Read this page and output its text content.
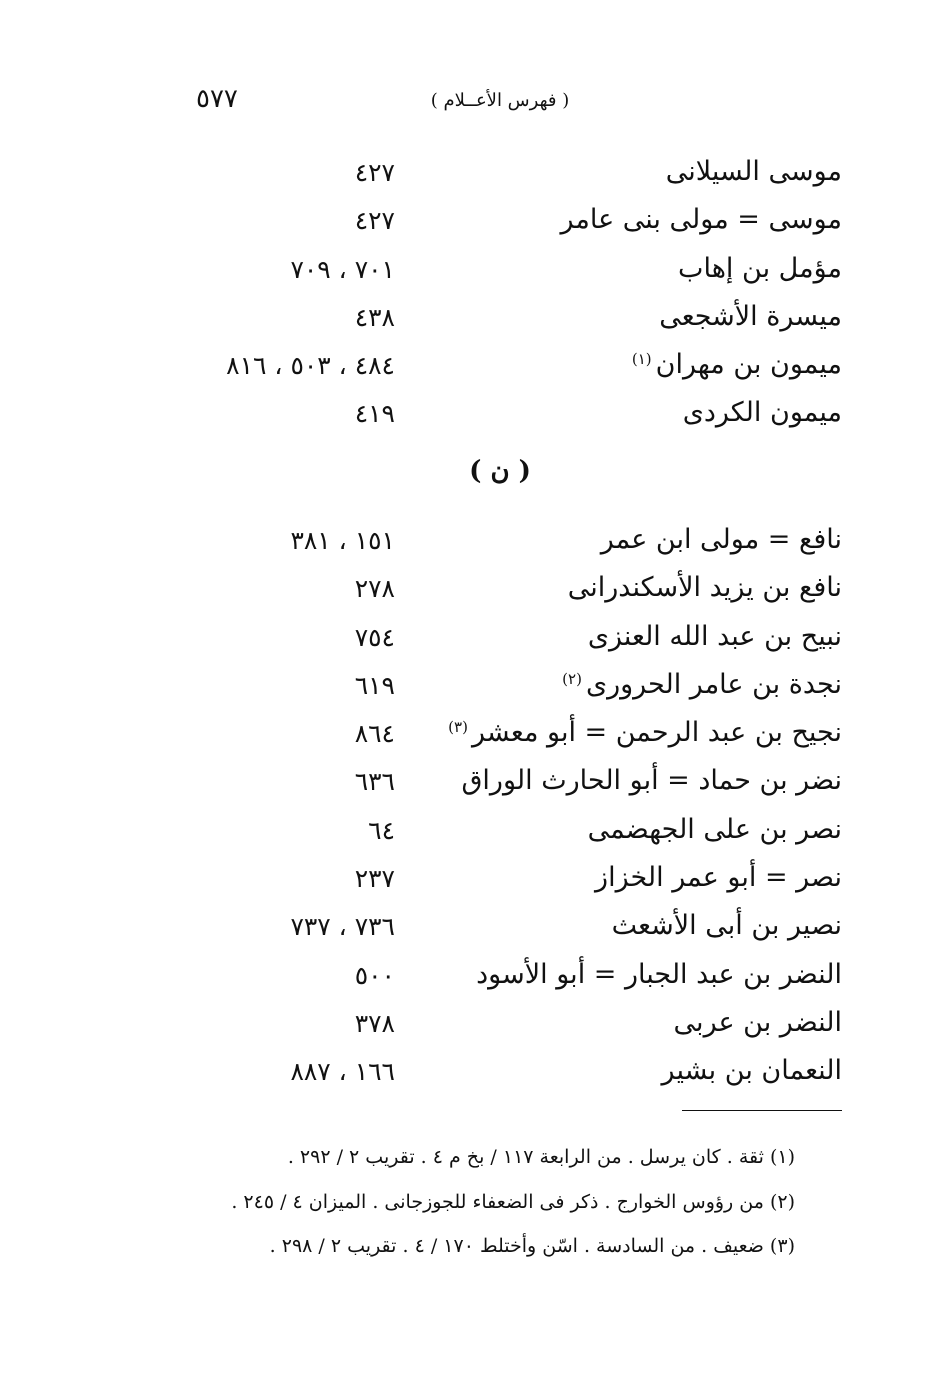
٥٧٧	( فهرس الأعــلام )
موسى السيلانى
٤٢٧
موسى = مولى بنى عامر
٤٢٧
مؤمل بن إهاب
٧٠١ ، ٧٠٩
ميسرة الأشجعى
٤٣٨
ميمون بن مهران$^{(١)}$
٤٨٤ ، ٥٠٣ ، ٨١٦
ميمون الكردى
٤١٩
( ن )
نافع = مولى ابن عمر
١٥١ ، ٣٨١
نافع بن يزيد الأسكندرانى
٢٧٨
نبيح بن عبد الله العنزى
٧٥٤
نجدة بن عامر الحرورى$^{(٢)}$
٦١٩
نجيح بن عبد الرحمن = أبو معشر$^{(٣)}$
٨٦٤
نضر بن حماد = أبو الحارث الوراق
٦٣٦
نصر بن على الجهضمى
٦٤
نصر = أبو عمر الخزاز
٢٣٧
نصير بن أبى الأشعث
٧٣٦ ، ٧٣٧
النضر بن عبد الجبار = أبو الأسود
٥٠٠
النضر بن عربى
٣٧٨
النعمان بن بشير
١٦٦ ، ٨٨٧
(١) ثقة . كان يرسل . من الرابعة ١١٧ / بخ م ٤ . تقريب ٢ / ٢٩٢ .
(٢) من رؤوس الخوارج . ذكر فى الضعفاء للجوزجانى . الميزان ٤ / ٢٤٥ .
(٣) ضعيف . من السادسة . اسّن وأختلط ١٧٠ / ٤ . تقريب ٢ / ٢٩٨ .
